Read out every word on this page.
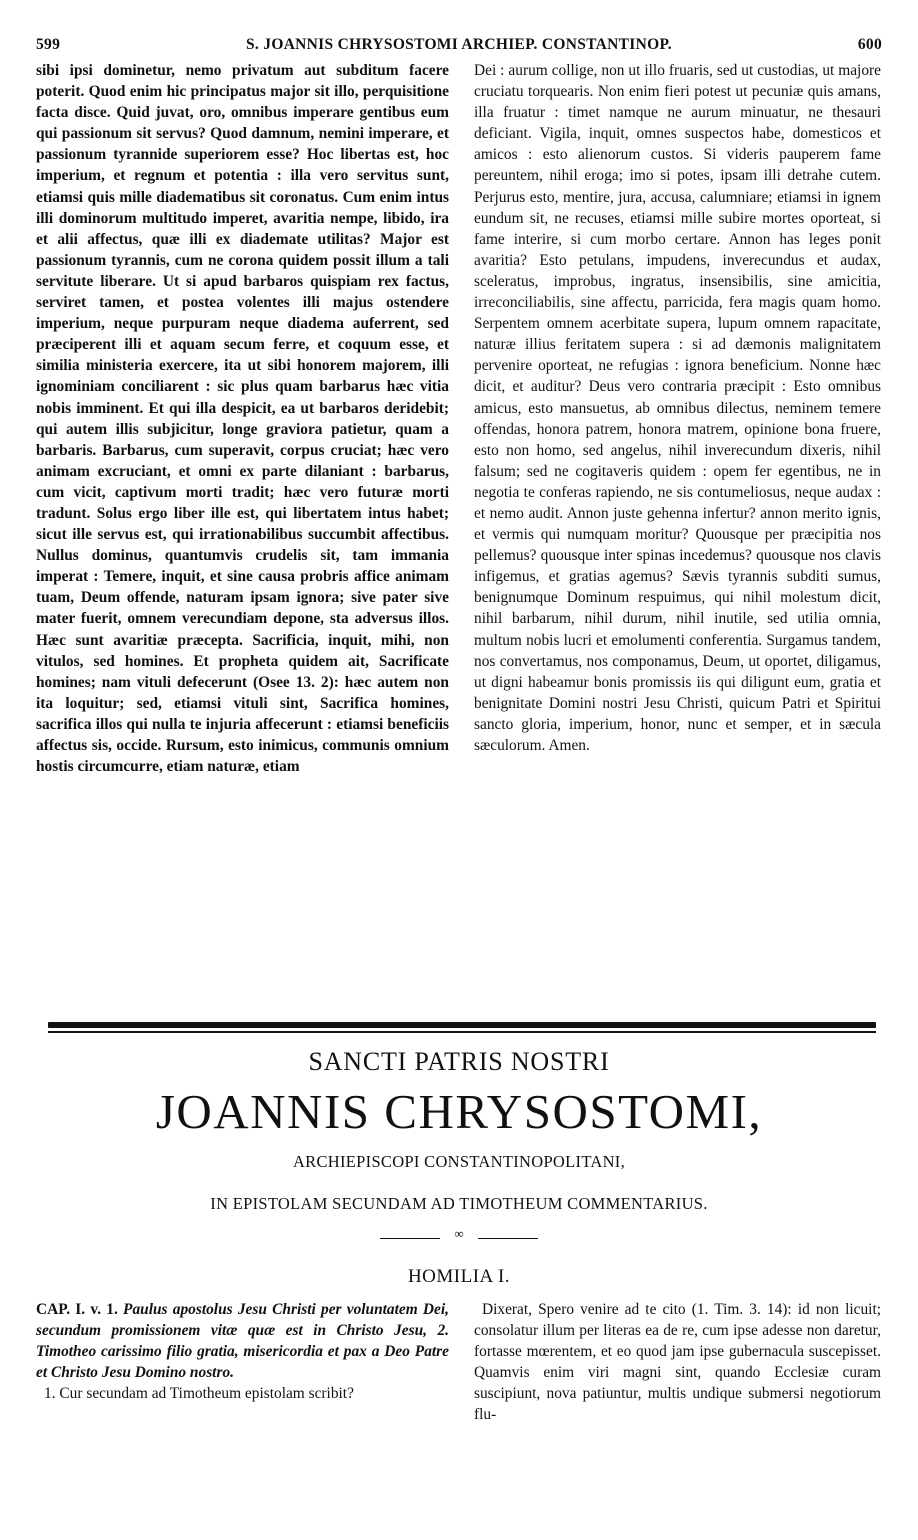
599	S. JOANNIS CHRYSOSTOMI ARCHIEP. CONSTANTINOP.	600

sibi ipsi dominetur, nemo privatum aut subditum facere poterit. Quod enim hic principatus major sit illo, perquisitione facta disce. Quid juvat, oro, omnibus imperare gentibus eum qui passionum sit servus? Quod damnum, nemini imperare, et passionum tyrannide superiorem esse? Hoc libertas est, hoc imperium, et regnum et potentia : illa vero servitus sunt, etiamsi quis mille diadematibus sit coronatus. Cum enim intus illi dominorum multitudo imperet, avaritia nempe, libido, ira et alii affectus, quæ illi ex diademate utilitas? Major est passionum tyrannis, cum ne corona quidem possit illum a tali servitute liberare. Ut si apud barbaros quispiam rex factus, serviret tamen, et postea volentes illi majus ostendere imperium, neque purpuram neque diadema auferrent, sed præciperent illi et aquam secum ferre, et coquum esse, et similia ministeria exercere, ita ut sibi honorem majorem, illi ignominiam conciliarent : sic plus quam barbarus hæc vitia nobis imminent. Et qui illa despicit, ea ut barbaros deridebit; qui autem illis subjicitur, longe graviora patietur, quam a barbaris. Barbarus, cum superavit, corpus cruciat; hæc vero animam excruciant, et omni ex parte dilaniant : barbarus, cum vicit, captivum morti tradit; hæc vero futuræ morti tradunt. Solus ergo liber ille est, qui libertatem intus habet; sicut ille servus est, qui irrationabilibus succumbit affectibus. Nullus dominus, quantumvis crudelis sit, tam immania imperat : Temere, inquit, et sine causa probris affice animam tuam, Deum offende, naturam ipsam ignora; sive pater sive mater fuerit, omnem verecundiam depone, sta adversus illos. Hæc sunt avaritiæ præcepta. Sacrificia, inquit, mihi, non vitulos, sed homines. Et propheta quidem ait, Sacrificate homines; nam vituli defecerunt (Osee 13. 2): hæc autem non ita loquitur; sed, etiamsi vituli sint, Sacrifica homines, sacrifica illos qui nulla te injuria affecerunt : etiamsi beneficiis affectus sis, occide. Rursum, esto inimicus, communis omnium hostis circumcurre, etiam naturæ, etiam

Dei : aurum collige, non ut illo fruaris, sed ut custodias, ut majore cruciatu torquearis. Non enim fieri potest ut pecuniæ quis amans, illa fruatur : timet namque ne aurum minuatur, ne thesauri deficiant. Vigila, inquit, omnes suspectos habe, domesticos et amicos : esto alienorum custos. Si videris pauperem fame pereuntem, nihil eroga; imo si potes, ipsam illi detrahe cutem. Perjurus esto, mentire, jura, accusa, calumniare; etiamsi in ignem eundum sit, ne recuses, etiamsi mille subire mortes oporteat, si fame interire, si cum morbo certare. Annon has leges ponit avaritia? Esto petulans, impudens, inverecundus et audax, sceleratus, improbus, ingratus, insensibilis, sine amicitia, irreconciliabilis, sine affectu, parricida, fera magis quam homo. Serpentem omnem acerbitate supera, lupum omnem rapacitate, naturæ illius feritatem supera : si ad dæmonis malignitatem pervenire oporteat, ne refugias : ignora beneficium. Nonne hæc dicit, et auditur? Deus vero contraria præcipit : Esto omnibus amicus, esto mansuetus, ab omnibus dilectus, neminem temere offendas, honora patrem, honora matrem, opinione bona fruere, esto non homo, sed angelus, nihil inverecundum dixeris, nihil falsum; sed ne cogitaveris quidem : opem fer egentibus, ne in negotia te conferas rapiendo, ne sis contumeliosus, neque audax : et nemo audit. Annon juste gehenna infertur? annon merito ignis, et vermis qui numquam moritur? Quousque per præcipitia nos pellemus? quousque inter spinas incedemus? quousque nos clavis infigemus, et gratias agemus? Sævis tyrannis subditi sumus, benignumque Dominum respuimus, qui nihil molestum dicit, nihil barbarum, nihil durum, nihil inutile, sed utilia omnia, multum nobis lucri et emolumenti conferentia. Surgamus tandem, nos convertamus, nos componamus, Deum, ut oportet, diligamus, ut digni habeamur bonis promissis iis qui diligunt eum, gratia et benignitate Domini nostri Jesu Christi, quicum Patri et Spiritui sancto gloria, imperium, honor, nunc et semper, et in sæcula sæculorum. Amen.

SANCTI PATRIS NOSTRI
JOANNIS CHRYSOSTOMI,
ARCHIEPISCOPI CONSTANTINOPOLITANI,
IN EPISTOLAM SECUNDAM AD TIMOTHEUM COMMENTARIUS.
∞
HOMILIA I.

CAP. I. v. 1. Paulus apostolus Jesu Christi per voluntatem Dei, secundum promissionem vitæ quæ est in Christo Jesu, 2. Timotheo carissimo filio gratia, misericordia et pax a Deo Patre et Christo Jesu Domino nostro.

1. Cur secundam ad Timotheum epistolam scribit?

Dixerat, Spero venire ad te cito (1. Tim. 3. 14): id non licuit; consolatur illum per literas ea de re, cum ipse adesse non daretur, fortasse mœrentem, et eo quod jam ipse gubernacula suscepisset. Quamvis enim viri magni sint, quando Ecclesiæ curam suscipiunt, nova patiuntur, multis undique submersi negotiorum flu-
